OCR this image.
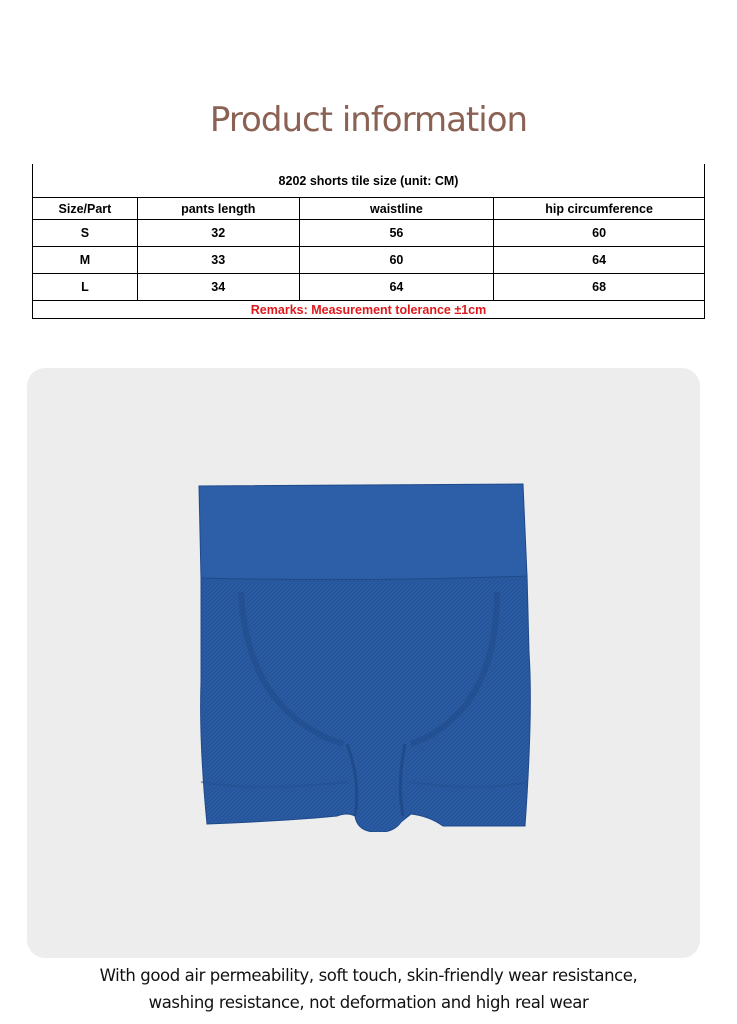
Product information
8202 shorts tile size (unit: CM)			
Size/Part	pants length	waistline	hip circumference
S	32	56	60
M	33	60	64
L	34	64	68
Remarks: Measurement tolerance ±1cm			
With good air permeability, soft touch, skin-friendly wear resistance,
washing resistance, not deformation and high real wear
